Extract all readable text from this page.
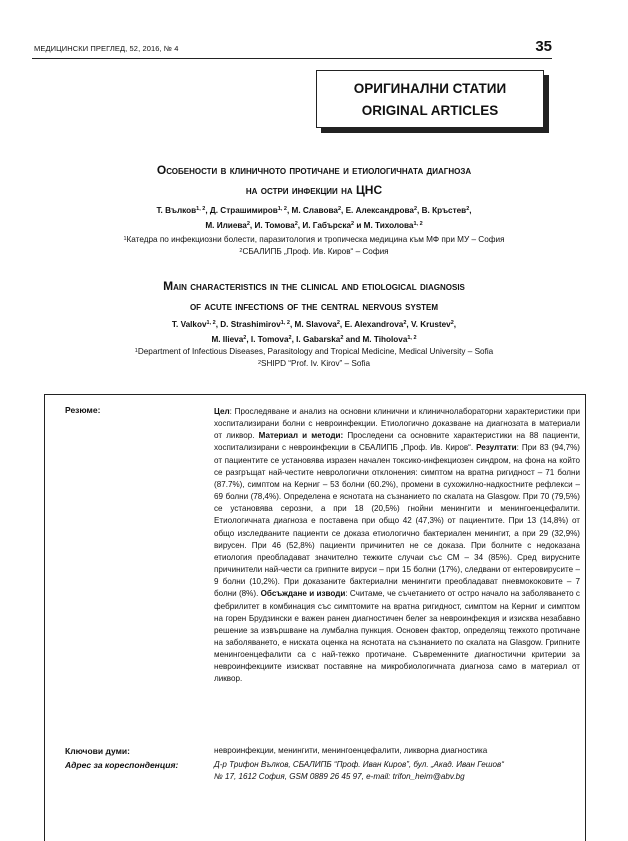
МЕДИЦИНСКИ ПРЕГЛЕД, 52, 2016, № 4	35
ОРИГИНАЛНИ СТАТИИ
ORIGINAL ARTICLES
Особености в клиничното протичане и етиологичната диагноза
на остри инфекции на ЦНС
Т. Вълков$^{1, 2}$, Д. Страшимиров$^{1, 2}$, М. Славова$^2$, Е. Александрова$^2$, В. Кръстев$^2$,
М. Илиева$^2$, И. Томова$^2$, И. Габърска$^2$ и М. Тихолова$^{1, 2}$
$^1$Катедра по инфекциозни болести, паразитология и тропическа медицина към МФ при МУ – София
$^2$СБАЛИПБ „Проф. Ив. Киров“ – София
Main characteristics in the clinical and etiological diagnosis
of acute infections of the central nervous system
T. Valkov$^{1, 2}$, D. Strashimirov$^{1, 2}$, M. Slavova$^2$, E. Alexandrova$^2$, V. Krustev$^2$,
M. Ilieva$^2$, I. Tomova$^2$, I. Gabarska$^2$ and M. Tiholova$^{1, 2}$
$^1$Department of Infectious Diseases, Parasitology and Tropical Medicine, Medical University – Sofia
$^2$SHIPD “Prof. Iv. Kirov” – Sofia
Резюме:	Цел: Проследяване и анализ на основни клинични и клиничнолабораторни характеристики при хоспитализирани болни с невроинфекции. Етиологично доказване на диагнозата в материали от ликвор. Материал и методи: Проследени са основните характеристики на 88 пациенти, хоспитализирани с невроинфекции в СБАЛИПБ „Проф. Ив. Киров“. Резултати: При 83 (94,7%) от пациентите се установява изразен начален токсико-инфекциозен синдром, на фона на който се разгръщат най-честите неврологични отклонения: симптом на вратна ригидност – 71 болни (87.7%), симптом на Керниг – 53 болни (60.2%), промени в сухожилно-надкостните рефлекси – 69 болни (78,4%). Определена е яснотата на съзнанието по скалата на Glasgow. При 70 (79,5%) се установява серозни, а при 18 (20,5%) гнойни менингити и менингоенцефалити. Етиологичната диагноза е поставена при общо 42 (47,3%) от пациентите. При 13 (14,8%) от общо изследваните пациенти се доказа етиологично бактериален менингит, а при 29 (32,9%) вирусен. При 46 (52,8%) пациенти причинител не се доказа. При болните с недоказана етиология преобладават значително тежките случаи със СМ – 34 (85%). Сред вирусните причинители най-чести са грипните вируси – при 15 болни (17%), следвани от ентеровирусите – 9 болни (10,2%). При доказаните бактериални менингити преобладават пневмококовите – 7 болни (8%). Обсъждане и изводи: Считаме, че съчетанието от остро начало на заболяването с фебрилитет в комбинация със симптомите на вратна ригидност, симптом на Керниг и симптом на горен Брудзински е важен ранен диагностичен белег за невроинфекция и изисква незабавно решение за извършване на лумбална пункция. Основен фактор, определящ тежкото протичане на заболяването, е ниската оценка на яснотата на съзнанието по скалата на Glasgow. Грипните менингоенцефалити са с най-тежко протичане. Съвременните диагностични критерии за невроинфекциите изискват поставяне на микробиологичната диагноза само в материал от ликвор.
Ключови думи:	невроинфекции, менингити, менингоенцефалити, ликворна диагностика
Адрес за кореспонденция:	Д-р Трифон Вълков, СБАЛИПБ “Проф. Иван Киров”, бул. „Акад. Иван Гешов“
№ 17, 1612 София, GSM 0889 26 45 97, e-mail: trifon_heim@abv.bg
